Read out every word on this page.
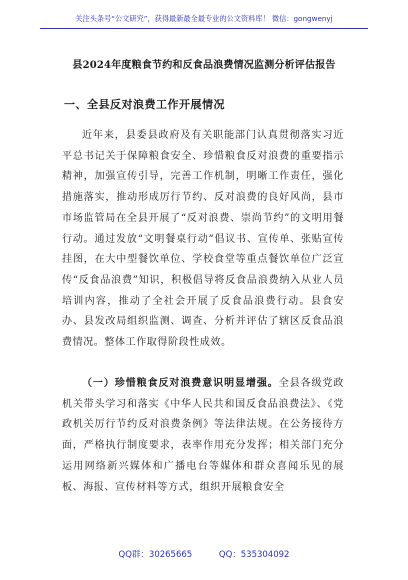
关注头条号“公文研究”，获得最新最全最专业的公文资料库！ 微信：gongwenyj
县2024年度粮食节约和反食品浪费情况监测分析评估报告
一、全县反对浪费工作开展情况

近年来，县委县政府及有关职能部门认真贯彻落实习近平总书记关于保障粮食安全、珍惜粮食反对浪费的重要指示精神，加强宣传引导，完善工作机制，明晰工作责任，强化措施落实，推动形成厉行节约、反对浪费的良好风尚，县市市场监管局在全县开展了“反对浪费、崇尚节约”的文明用餐行动。通过发放“文明餐桌行动”倡议书、宣传单、张贴宣传挂图，在大中型餐饮单位、学校食堂等重点餐饮单位广泛宣传“反食品浪费”知识，积极倡导将反食品浪费纳入从业人员培训内容，推动了全社会开展了反食品浪费行动。县食安办、县发改局组织监测、调查、分析并评估了辖区反食品浪费情况。整体工作取得阶段性成效。

（一）珍惜粮食反对浪费意识明显增强。全县各级党政机关带头学习和落实《中华人民共和国反食品浪费法》、《党政机关厉行节约反对浪费条例》等法律法规。在公务接待方面，严格执行制度要求，表率作用充分发挥；相关部门充分运用网络新兴媒体和广播电台等媒体和群众喜闻乐见的展板、海报、宣传材料等方式，组织开展粮食安全

QQ群：30265665	QQ：535304092
